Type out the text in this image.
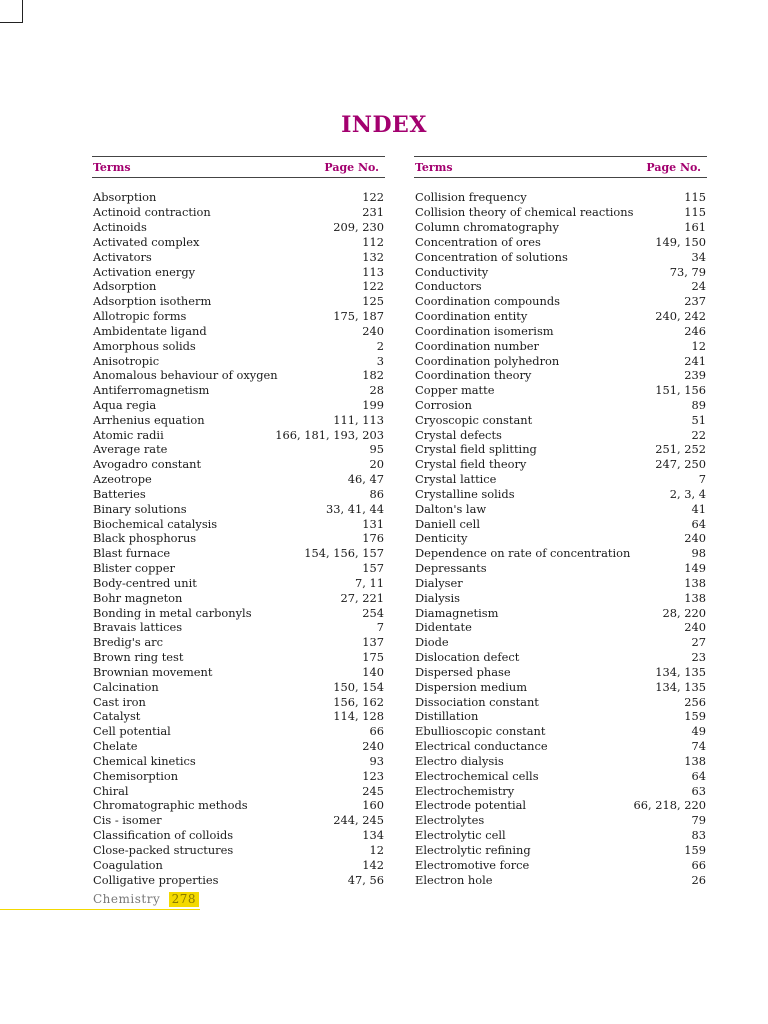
INDEX
Terms	Page No.
Absorption	122
Actinoid contraction	231
Actinoids	209, 230
Activated complex	112
Activators	132
Activation energy	113
Adsorption	122
Adsorption isotherm	125
Allotropic forms	175, 187
Ambidentate ligand	240
Amorphous solids	2
Anisotropic	3
Anomalous behaviour of oxygen	182
Antiferromagnetism	28
Aqua regia	199
Arrhenius equation	111, 113
Atomic radii	166, 181, 193, 203
Average rate	95
Avogadro constant	20
Azeotrope	46, 47
Batteries	86
Binary solutions	33, 41, 44
Biochemical catalysis	131
Black phosphorus	176
Blast furnace	154, 156, 157
Blister copper	157
Body-centred unit	7, 11
Bohr magneton	27, 221
Bonding in metal carbonyls	254
Bravais lattices	7
Bredig's arc	137
Brown ring test	175
Brownian movement	140
Calcination	150, 154
Cast iron	156, 162
Catalyst	114, 128
Cell potential	66
Chelate	240
Chemical kinetics	93
Chemisorption	123
Chiral	245
Chromatographic methods	160
Cis - isomer	244, 245
Classification of colloids	134
Close-packed structures	12
Coagulation	142
Colligative properties	47, 56
Terms	Page No.
Collision frequency	115
Collision theory of chemical reactions	115
Column chromatography	161
Concentration of ores	149, 150
Concentration of solutions	34
Conductivity	73, 79
Conductors	24
Coordination compounds	237
Coordination entity	240, 242
Coordination isomerism	246
Coordination number	12
Coordination polyhedron	241
Coordination theory	239
Copper matte	151, 156
Corrosion	89
Cryoscopic constant	51
Crystal defects	22
Crystal field splitting	251, 252
Crystal field theory	247, 250
Crystal lattice	7
Crystalline solids	2, 3, 4
Dalton's law	41
Daniell cell	64
Denticity	240
Dependence on rate of concentration	98
Depressants	149
Dialyser	138
Dialysis	138
Diamagnetism	28, 220
Didentate	240
Diode	27
Dislocation defect	23
Dispersed phase	134, 135
Dispersion medium	134, 135
Dissociation constant	256
Distillation	159
Ebullioscopic constant	49
Electrical conductance	74
Electro dialysis	138
Electrochemical cells	64
Electrochemistry	63
Electrode potential	66, 218, 220
Electrolytes	79
Electrolytic cell	83
Electrolytic refining	159
Electromotive force	66
Electron hole	26
Chemistry 278
